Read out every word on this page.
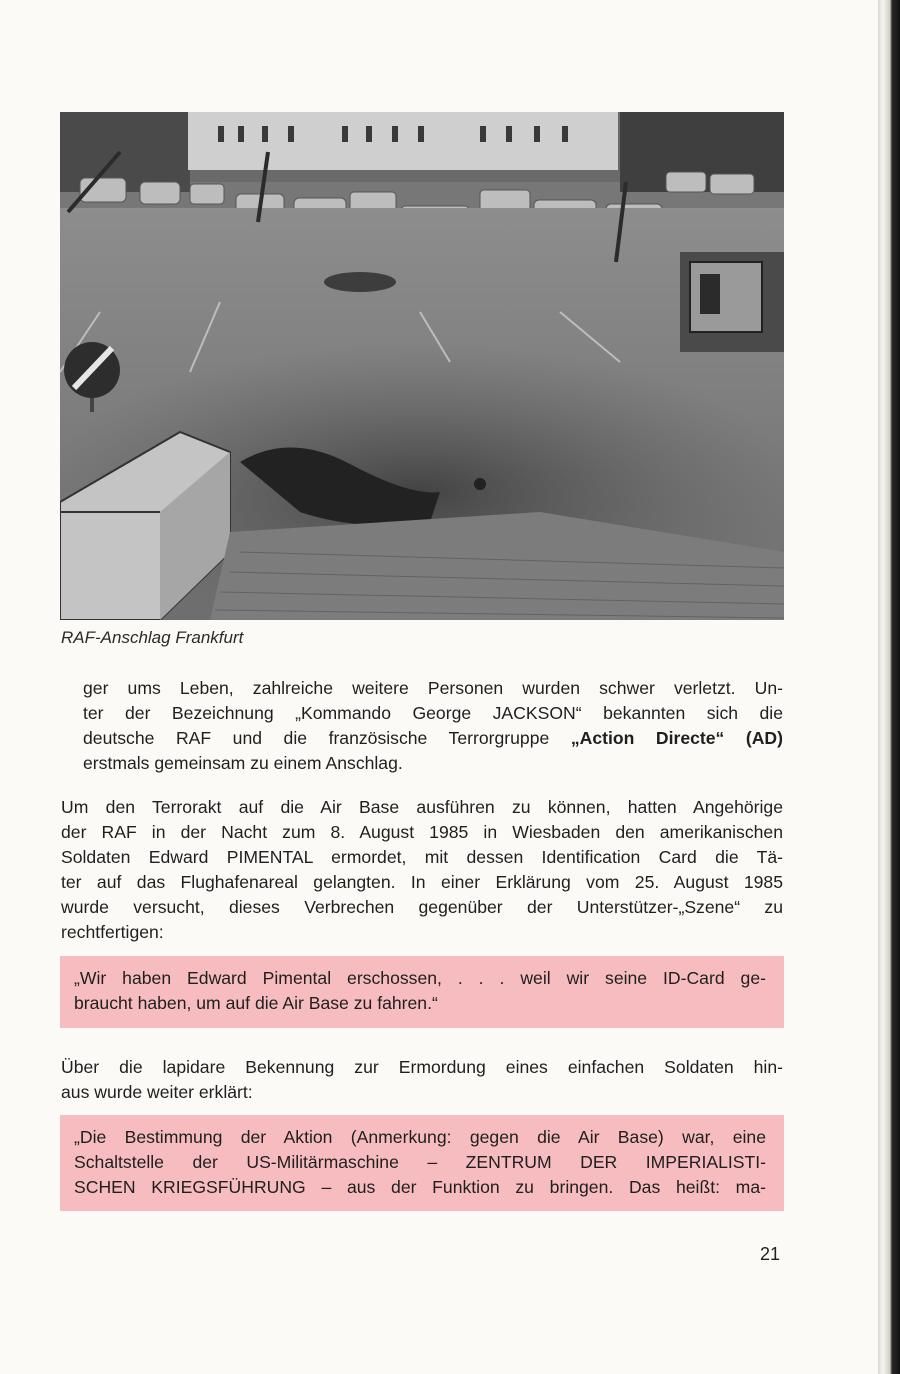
RAF-Anschlag Frankfurt

ger ums Leben, zahlreiche weitere Personen wurden schwer verletzt. Un-
ter der Bezeichnung „Kommando George JACKSON“ bekannten sich die
deutsche RAF und die französische Terrorgruppe „Action Directe“ (AD)
erstmals gemeinsam zu einem Anschlag.

Um den Terrorakt auf die Air Base ausführen zu können, hatten Angehörige
der RAF in der Nacht zum 8. August 1985 in Wiesbaden den amerikanischen
Soldaten Edward PIMENTAL ermordet, mit dessen Identification Card die Tä-
ter auf das Flughafenareal gelangten. In einer Erklärung vom 25. August 1985
wurde versucht, dieses Verbrechen gegenüber der Unterstützer-„Szene“ zu
rechtfertigen:

„Wir haben Edward Pimental erschossen, . . . weil wir seine ID-Card ge-
braucht haben, um auf die Air Base zu fahren.“

Über die lapidare Bekennung zur Ermordung eines einfachen Soldaten hin-
aus wurde weiter erklärt:

„Die Bestimmung der Aktion (Anmerkung: gegen die Air Base) war, eine
Schaltstelle der US-Militärmaschine – ZENTRUM DER IMPERIALISTI-
SCHEN KRIEGSFÜHRUNG – aus der Funktion zu bringen. Das heißt: ma-

21
